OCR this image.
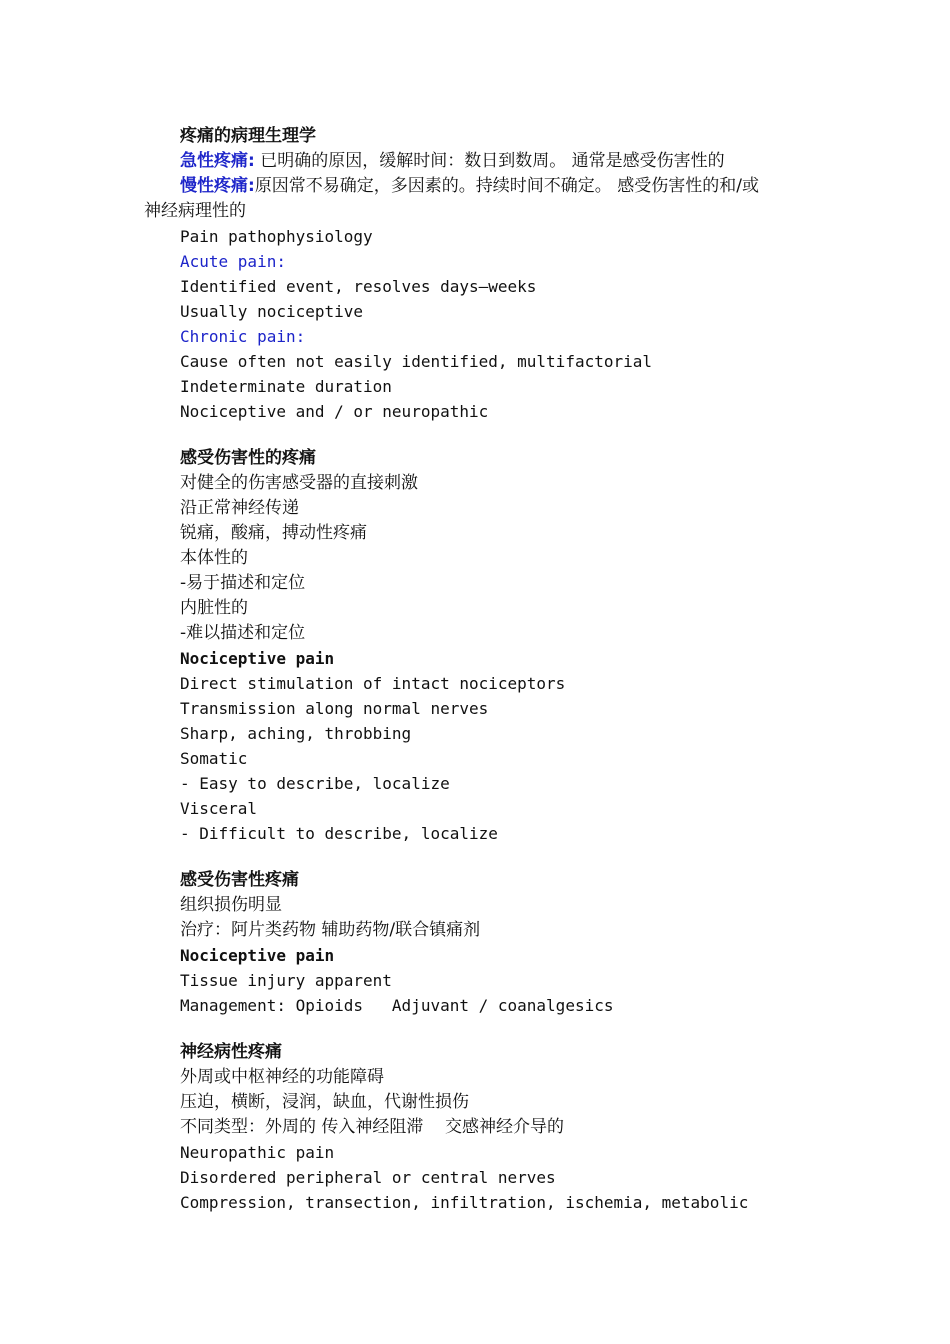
疼痛的病理生理学
急性疼痛: 已明确的原因，缓解时间：数日到数周。 通常是感受伤害性的
慢性疼痛:原因常不易确定，多因素的。持续时间不确定。 感受伤害性的和/或
神经病理性的
Pain pathophysiology
Acute pain:
Identified event, resolves days–weeks
Usually nociceptive
Chronic pain:
Cause often not easily identified, multifactorial
Indeterminate duration
Nociceptive and / or neuropathic
感受伤害性的疼痛
对健全的伤害感受器的直接刺激
沿正常神经传递
锐痛，酸痛，搏动性疼痛
本体性的
-易于描述和定位
内脏性的
-难以描述和定位
Nociceptive pain
Direct stimulation of intact nociceptors
Transmission along normal nerves
Sharp, aching, throbbing
Somatic
- Easy to describe, localize
Visceral
- Difficult to describe, localize
感受伤害性疼痛
组织损伤明显
治疗：阿片类药物 辅助药物/联合镇痛剂
Nociceptive pain
Tissue injury apparent
Management: Opioids   Adjuvant / coanalgesics
神经病性疼痛
外周或中枢神经的功能障碍
压迫，横断，浸润，缺血，代谢性损伤
不同类型：外周的 传入神经阻滞    交感神经介导的
Neuropathic pain
Disordered peripheral or central nerves
Compression, transection, infiltration, ischemia, metabolic
